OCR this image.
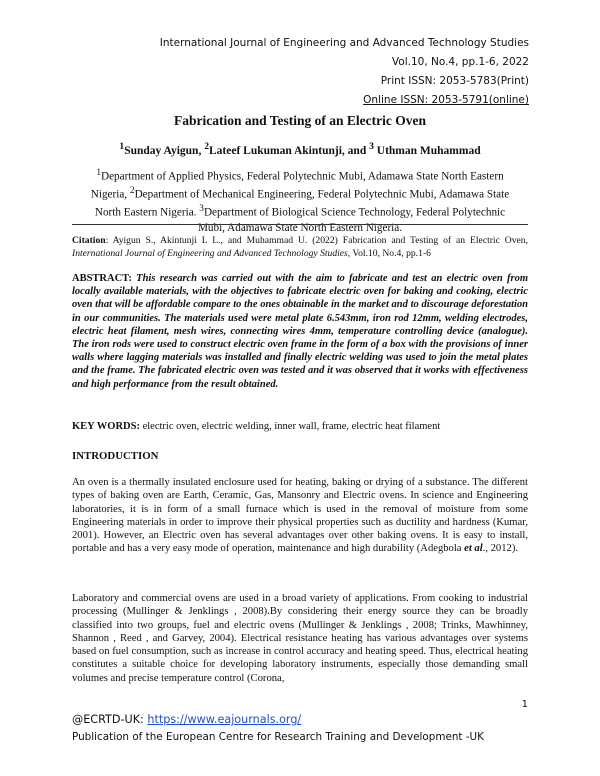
International Journal of Engineering and Advanced Technology Studies
Vol.10, No.4, pp.1-6, 2022
Print ISSN: 2053-5783(Print)
Online ISSN: 2053-5791(online)
Fabrication and Testing of an Electric Oven
$^1$Sunday Ayigun, $^2$Lateef Lukuman Akintunji, and $^3$ Uthman Muhammad
$^1$Department of Applied Physics, Federal Polytechnic Mubi, Adamawa State North Eastern Nigeria, $^2$Department of Mechanical Engineering, Federal Polytechnic Mubi, Adamawa State North Eastern Nigeria. $^3$Department of Biological Science Technology, Federal Polytechnic Mubi, Adamawa State North Eastern Nigeria.
Citation: Ayigun S., Akintunji L L., and Muhammad U. (2022) Fabrication and Testing of an Electric Oven, International Journal of Engineering and Advanced Technology Studies, Vol.10, No.4, pp.1-6
ABSTRACT: This research was carried out with the aim to fabricate and test an electric oven from locally available materials, with the objectives to fabricate electric oven for baking and cooking, electric oven that will be affordable compare to the ones obtainable in the market and to discourage deforestation in our communities. The materials used were metal plate 6.543mm, iron rod 12mm, welding electrodes, electric heat filament, mesh wires, connecting wires 4mm, temperature controlling device (analogue). The iron rods were used to construct electric oven frame in the form of a box with the provisions of inner walls where lagging materials was installed and finally electric welding was used to join the metal plates and the frame. The fabricated electric oven was tested and it was observed that it works with effectiveness and high performance from the result obtained.
KEY WORDS: electric oven, electric welding, inner wall, frame, electric heat filament
INTRODUCTION
An oven is a thermally insulated enclosure used for heating, baking or drying of a substance. The different types of baking oven are Earth, Ceramic, Gas, Mansonry and Electric ovens. In science and Engineering laboratories, it is in form of a small furnace which is used in the removal of moisture from some Engineering materials in order to improve their physical properties such as ductility and hardness (Kumar, 2001). However, an Electric oven has several advantages over other baking ovens. It is easy to install, portable and has a very easy mode of operation, maintenance and high durability (Adegbola et al., 2012).
Laboratory and commercial ovens are used in a broad variety of applications. From cooking to industrial processing (Mullinger & Jenklings , 2008).By considering their energy source they can be broadly classified into two groups, fuel and electric ovens (Mullinger & Jenklings , 2008; Trinks, Mawhinney, Shannon , Reed , and Garvey, 2004). Electrical resistance heating has various advantages over systems based on fuel consumption, such as increase in control accuracy and heating speed. Thus, electrical heating constitutes a suitable choice for developing laboratory instruments, especially those demanding small volumes and precise temperature control (Corona,
1
@ECRTD-UK: https://www.eajournals.org/
Publication of the European Centre for Research Training and Development -UK
